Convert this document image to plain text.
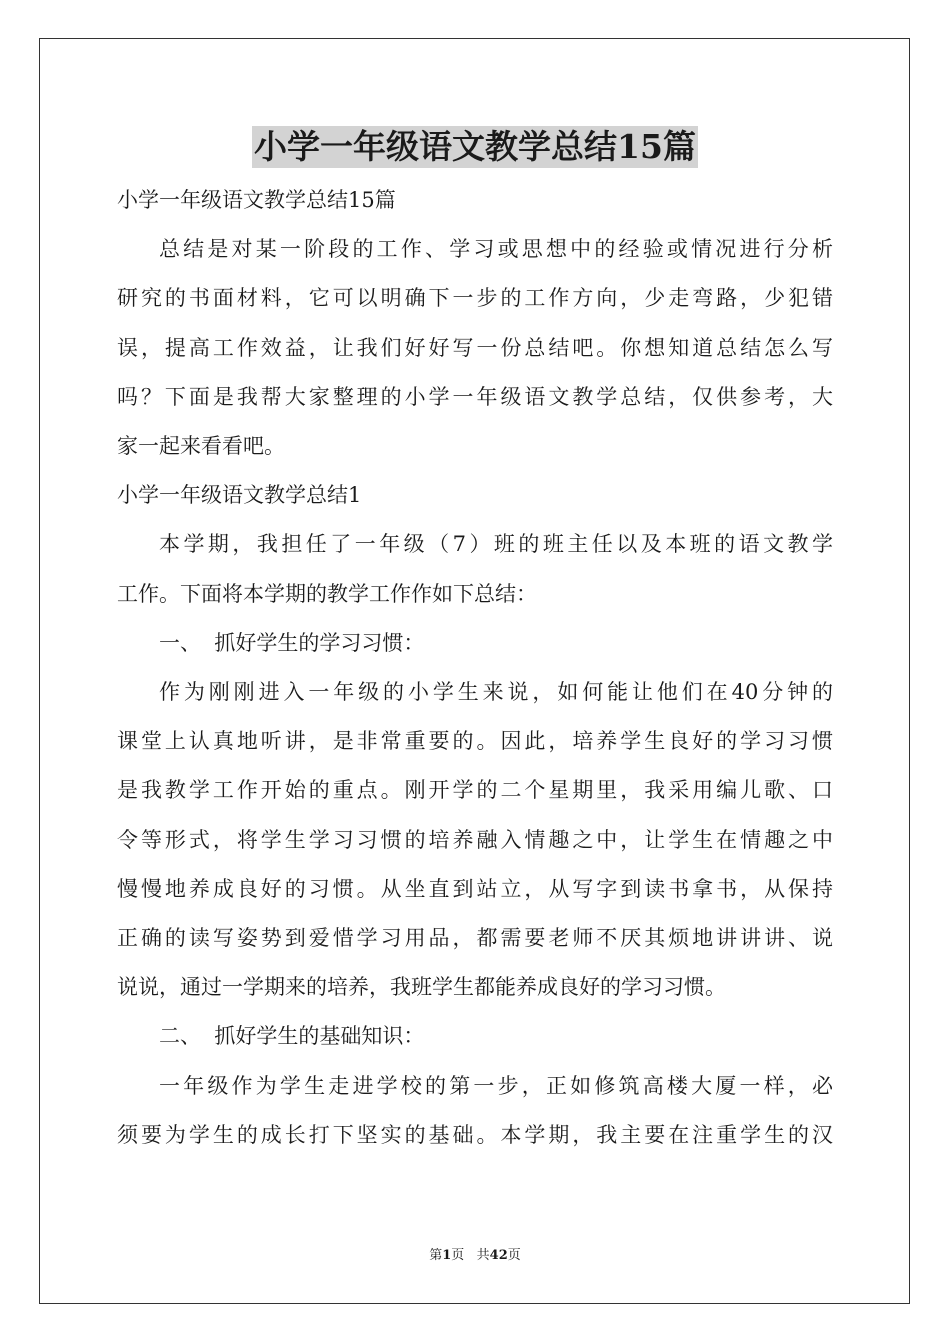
小学一年级语文教学总结15篇

小学一年级语文教学总结15篇

总结是对某一阶段的工作、学习或思想中的经验或情况进行分析

研究的书面材料，它可以明确下一步的工作方向，少走弯路，少犯错

误，提高工作效益，让我们好好写一份总结吧。你想知道总结怎么写

吗？下面是我帮大家整理的小学一年级语文教学总结，仅供参考，大

家一起来看看吧。

小学一年级语文教学总结1

本学期，我担任了一年级（7）班的班主任以及本班的语文教学

工作。下面将本学期的教学工作作如下总结：

一、  抓好学生的学习习惯：

作为刚刚进入一年级的小学生来说，如何能让他们在40分钟的

课堂上认真地听讲，是非常重要的。因此，培养学生良好的学习习惯

是我教学工作开始的重点。刚开学的二个星期里，我采用编儿歌、口

令等形式，将学生学习习惯的培养融入情趣之中，让学生在情趣之中

慢慢地养成良好的习惯。从坐直到站立，从写字到读书拿书，从保持

正确的读写姿势到爱惜学习用品，都需要老师不厌其烦地讲讲讲、说

说说，通过一学期来的培养，我班学生都能养成良好的学习习惯。

二、  抓好学生的基础知识：

一年级作为学生走进学校的第一步，正如修筑高楼大厦一样，必

须要为学生的成长打下坚实的基础。本学期，我主要在注重学生的汉

第1页   共42页
